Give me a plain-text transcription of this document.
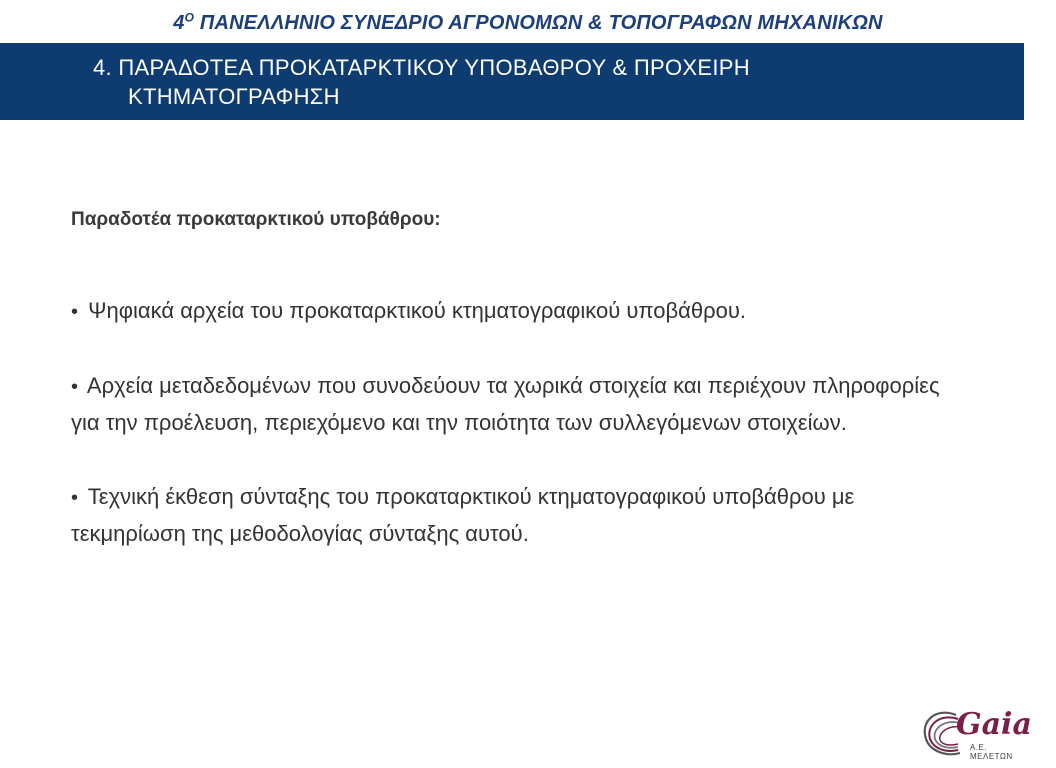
$4^O$ ΠΑΝΕΛΛΗΝΙΟ ΣΥΝΕΔΡΙΟ ΑΓΡΟΝΟΜΩΝ & ΤΟΠΟΓΡΑΦΩΝ ΜΗΧΑΝΙΚΩΝ
4. ΠΑΡΑΔΟΤΕΑ ΠΡΟΚΑΤΑΡΚΤΙΚΟΥ ΥΠΟΒΑΘΡΟΥ & ΠΡΟΧΕΙΡΗ
ΚΤΗΜΑΤΟΓΡΑΦΗΣΗ
Παραδοτέα προκαταρκτικού υποβάθρου:
• Ψηφιακά αρχεία του προκαταρκτικού κτηματογραφικού υποβάθρου.
• Αρχεία μεταδεδομένων που συνοδεύουν τα χωρικά στοιχεία και περιέχουν πληροφορίες για την προέλευση, περιεχόμενο και την ποιότητα των συλλεγόμενων στοιχείων.
• Τεχνική έκθεση σύνταξης του προκαταρκτικού κτηματογραφικού υποβάθρου με τεκμηρίωση της μεθοδολογίας σύνταξης αυτού.
Gaia
Α.Ε. ΜΕΛΕΤΩΝ
